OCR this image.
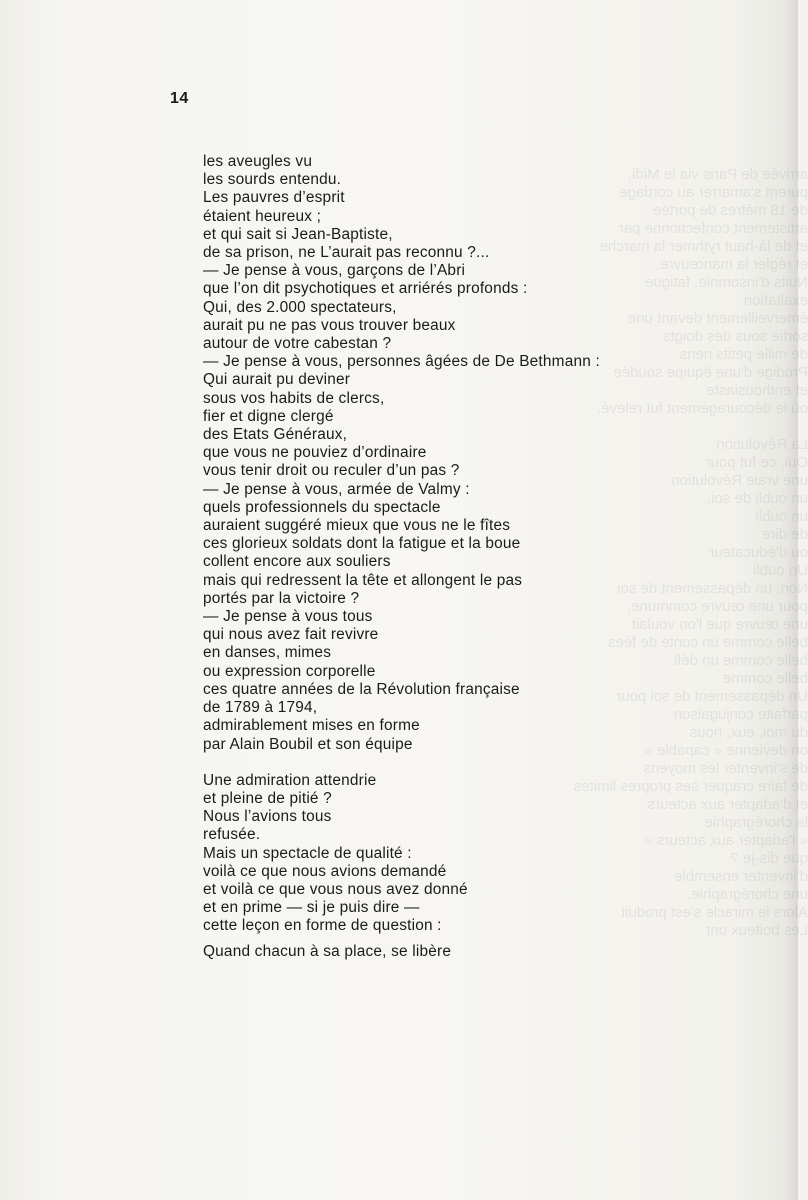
de Paris via le Midi,
s'amarrer au cordage
de 18 mètres de portée
artistement confectionné par
et de là-haut rythmer la marche
et régler la manœuvre.
d'insomnie, fatigue
exaltation
émerveillement devant une
sous des doigts
de mille petits riens
Prodige d'une équipe soudée
et enthousiaste
où le découragement fut relevé.

La Révolution
ce fut pour
vraie Révolution
un oubli de soi,
un oubli
de dire
ou d'éducateur
Un oubli
un dépassement de soi
une œuvre commune,
œuvre que l'on voulait
comme un conte de fées
comme un défi
comme
Un dépassement de soi pour
parfaite conjugaison
du moi, eux, nous
on devienne « capable »
de s'inventer les moyens
de faire craquer ses propres limites
et d'adapter aux acteurs
la chorégraphie :
« l'adapter aux acteurs »
dis-je ?
d'inventer ensemble
chorégraphie.
le miracle s'est produit
boiteux ont

14
les aveugles vu
les sourds entendu.
Les pauvres d’esprit
étaient heureux ;
et qui sait si Jean-Baptiste,
de sa prison, ne L’aurait pas reconnu ?...
— Je pense à vous, garçons de l’Abri
que l’on dit psychotiques et arriérés profonds :
Qui, des 2.000 spectateurs,
aurait pu ne pas vous trouver beaux
autour de votre cabestan ?
— Je pense à vous, personnes âgées de De Bethmann :
Qui aurait pu deviner
sous vos habits de clercs,
fier et digne clergé
des Etats Généraux,
que vous ne pouviez d’ordinaire
vous tenir droit ou reculer d’un pas ?
— Je pense à vous, armée de Valmy :
quels professionnels du spectacle
auraient suggéré mieux que vous ne le fîtes
ces glorieux soldats dont la fatigue et la boue
collent encore aux souliers
mais qui redressent la tête et allongent le pas
portés par la victoire ?
— Je pense à vous tous
qui nous avez fait revivre
en danses, mimes
ou expression corporelle
ces quatre années de la Révolution française
de 1789 à 1794,
admirablement mises en forme
par Alain Boubil et son équipe
Une admiration attendrie
et pleine de pitié ?
Nous l’avions tous
refusée.
Mais un spectacle de qualité :
voilà ce que nous avions demandé
et voilà ce que vous nous avez donné
et en prime — si je puis dire —
cette leçon en forme de question :
Quand chacun à sa place, se libère
